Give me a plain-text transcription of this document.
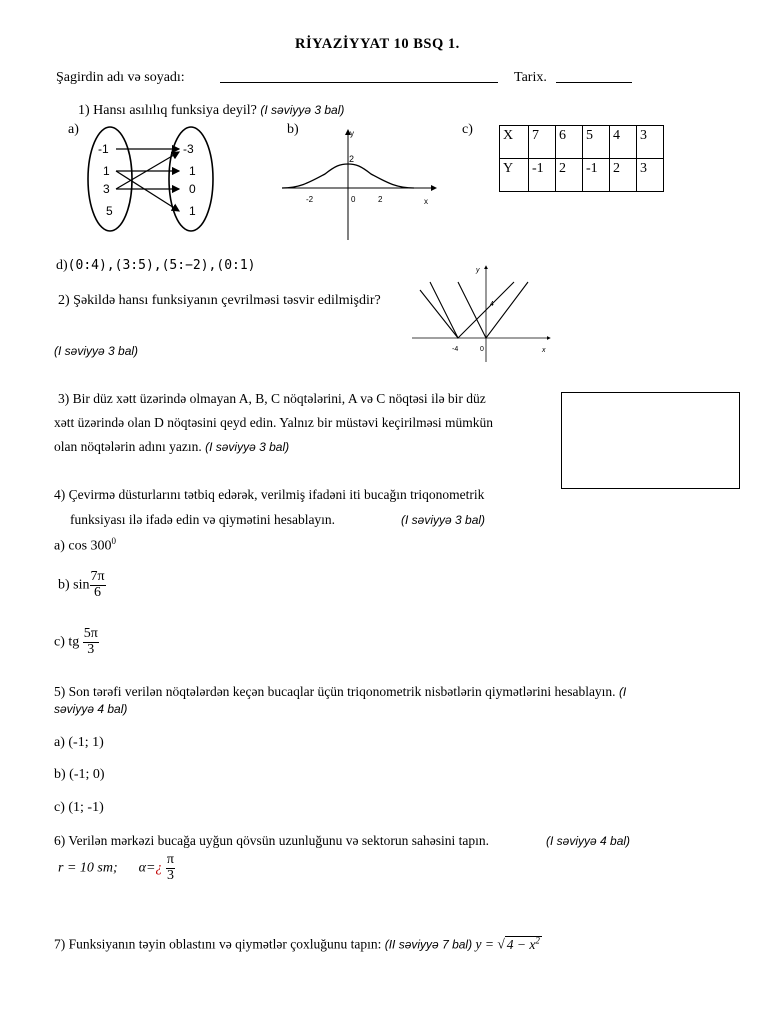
RİYAZİYYAT 10 BSQ 1.
Şagirdin adı və soyadı:	Tarix.
1) Hansı asılılıq funksiya deyil? (I səviyyə 3 bal)
a)	b)	c)
-1
1
3
5
-3
1
0
1
y
x
2
-2	0	2
X	7	6	5	4	3
Y	-1	2	-1	2	3
d)(0:4),(3:5),(5:−2),(0:1)
2) Şəkildə hansı funksiyanın çevrilməsi təsvir edilmişdir?
(I səviyyə 3 bal)
y
x
4
-4	0
3) Bir düz xətt üzərində olmayan A, B, C nöqtələrini, A və C nöqtəsi ilə bir düz
xətt üzərində olan D nöqtəsini qeyd edin. Yalnız bir müstəvi keçirilməsi mümkün
olan nöqtələrin adını yazın. (I səviyyə 3 bal)
4) Çevirmə düsturlarını tətbiq edərək, verilmiş ifadəni iti bucağın triqonometrik
funksiyası ilə ifadə edin və qiymətini hesablayın.	(I səviyyə 3 bal)
a) $\cos 300^0$
b) $\sin \frac{7\pi}{6}$
c) tg $\frac{5\pi}{3}$
5) Son tərəfi verilən nöqtələrdən keçən bucaqlar üçün triqonometrik nisbətlərin qiymətlərini hesablayın. (I
səviyyə 4 bal)
a) (-1; 1)
b) (-1; 0)
c) (1; -1)
6) Verilən mərkəzi bucağa uyğun qövsün uzunluğunu və sektorun sahəsini tapın.	(I səviyyə 4 bal)
r = 10 sm; α=¿ $\frac{\pi}{3}$
7) Funksiyanın təyin oblastını və qiymətlər çoxluğunu tapın: (II səviyyə 7 bal) y = √ $4 - x^2$
